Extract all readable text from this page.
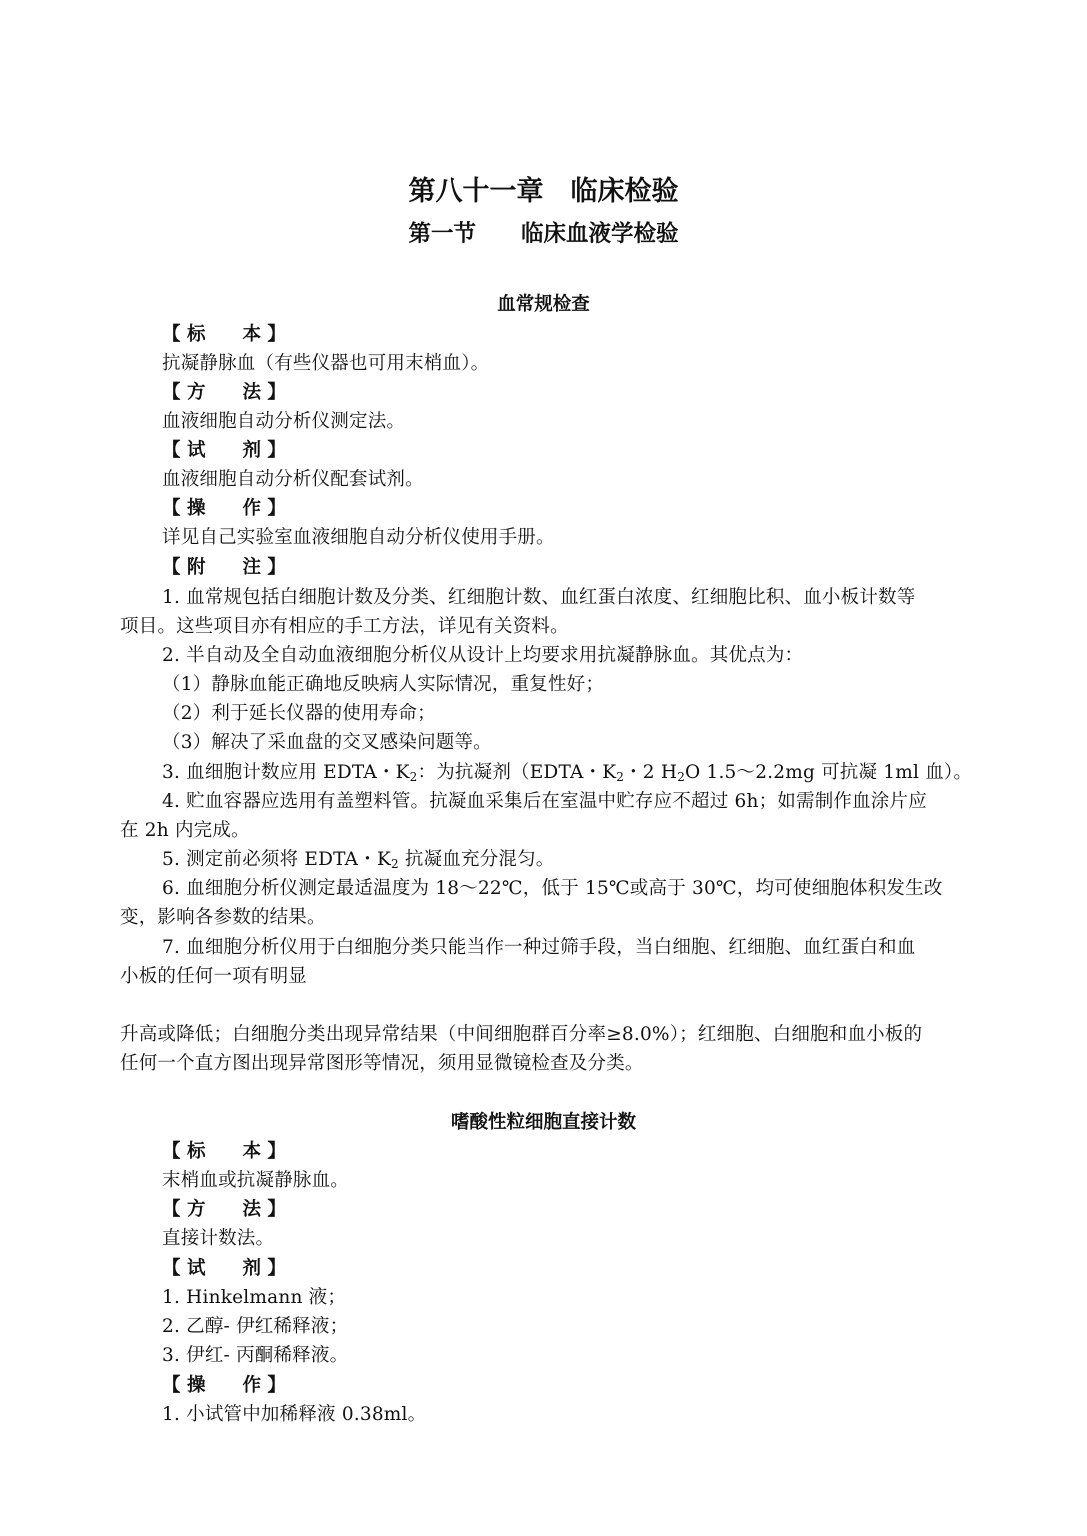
第八十一章　临床检验
第一节　　临床血液学检验
血常规检查
【 标　　本 】
抗凝静脉血（有些仪器也可用末梢血）。
【 方　　法 】
血液细胞自动分析仪测定法。
【 试　　剂 】
血液细胞自动分析仪配套试剂。
【 操　　作 】
详见自己实验室血液细胞自动分析仪使用手册。
【 附　　注 】
1. 血常规包括白细胞计数及分类、红细胞计数、血红蛋白浓度、红细胞比积、血小板计数等
项目。这些项目亦有相应的手工方法，详见有关资料。
2. 半自动及全自动血液细胞分析仪从设计上均要求用抗凝静脉血。其优点为：
（1）静脉血能正确地反映病人实际情况，重复性好；
（2）利于延长仪器的使用寿命；
（3）解决了采血盘的交叉感染问题等。
3. 血细胞计数应用 EDTA・$K_2$：为抗凝剂（EDTA・$K_2$・2 $H_2O$ 1.5～2.2mg 可抗凝 1ml 血）。
4. 贮血容器应选用有盖塑料管。抗凝血采集后在室温中贮存应不超过 6h；如需制作血涂片应
在 2h 内完成。
5. 测定前必须将 EDTA・$K_2$ 抗凝血充分混匀。
6. 血细胞分析仪测定最适温度为 18～22℃，低于 15℃或高于 30℃，均可使细胞体积发生改
变，影响各参数的结果。
7. 血细胞分析仪用于白细胞分类只能当作一种过筛手段，当白细胞、红细胞、血红蛋白和血
小板的任何一项有明显
升高或降低；白细胞分类出现异常结果（中间细胞群百分率≥8.0%）；红细胞、白细胞和血小板的
任何一个直方图出现异常图形等情况，须用显微镜检查及分类。
嗜酸性粒细胞直接计数
【 标　　本 】
末梢血或抗凝静脉血。
【 方　　法 】
直接计数法。
【 试　　剂 】
1. Hinkelmann 液；
2. 乙醇- 伊红稀释液；
3. 伊红- 丙酮稀释液。
【 操　　作 】
1. 小试管中加稀释液 0.38ml。
